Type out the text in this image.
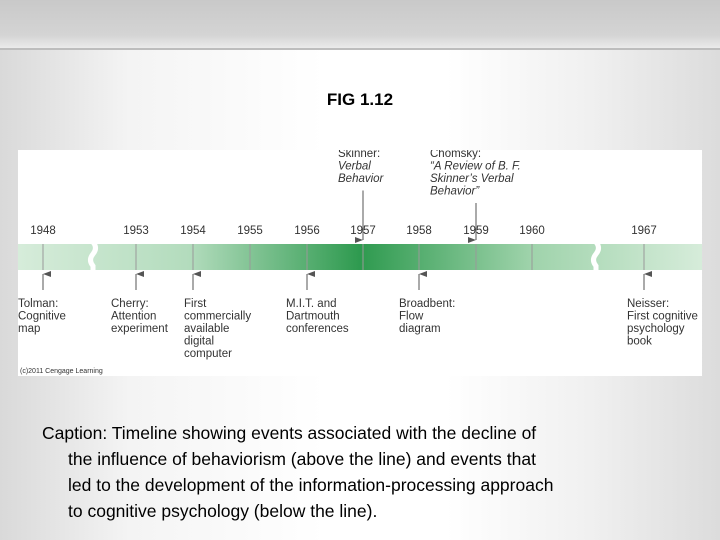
FIG 1.12
1948	1953	1954	1955	1956	1957	1958	1959	1960	1967
Skinner:
Verbal
Behavior
Chomsky:
“A Review of B. F.
Skinner’s Verbal
Behavior”
Tolman:
Cognitive
map
Cherry:
Attention
experiment
First
commercially
available
digital
computer
M.I.T. and
Dartmouth
conferences
Broadbent:
Flow
diagram
Neisser:
First cognitive
psychology
book
(c)2011 Cengage Learning
Caption: Timeline showing events associated with the decline of
the influence of behaviorism (above the line) and events that
led to the development of the information-processing approach
to cognitive psychology (below the line).
